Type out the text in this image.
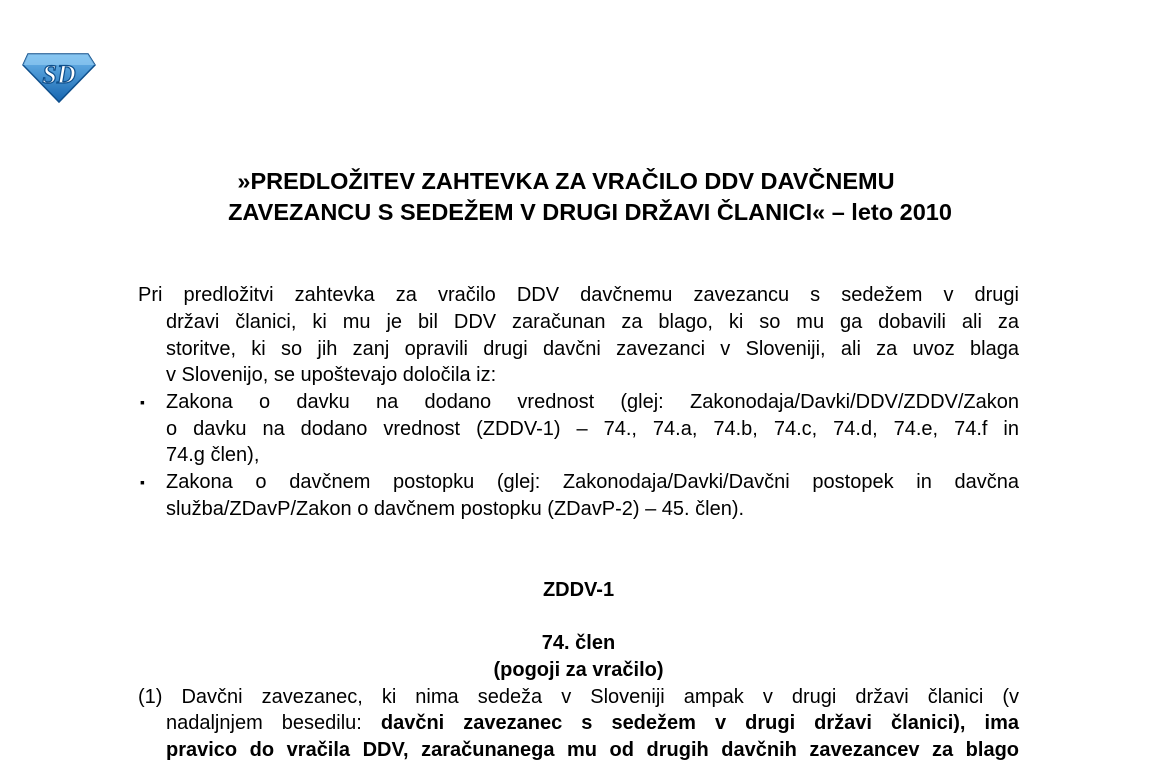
SD
»PREDLOŽITEV ZAHTEVKA ZA VRAČILO DDV DAVČNEMU
ZAVEZANCU S SEDEŽEM V DRUGI DRŽAVI ČLANICI« – leto 2010
Pri predložitvi zahtevka za vračilo DDV davčnemu zavezancu s sedežem v drugi
državi članici, ki mu je bil DDV zaračunan za blago, ki so mu ga dobavili ali za
storitve, ki so jih zanj opravili drugi davčni zavezanci v Sloveniji, ali za uvoz blaga
v Slovenijo, se upoštevajo določila iz:
▪ Zakona o davku na dodano vrednost (glej: Zakonodaja/Davki/DDV/ZDDV/Zakon
o davku na dodano vrednost (ZDDV-1) – 74., 74.a, 74.b, 74.c, 74.d, 74.e, 74.f in
74.g člen),
▪ Zakona o davčnem postopku (glej: Zakonodaja/Davki/Davčni postopek in davčna
služba/ZDavP/Zakon o davčnem postopku (ZDavP-2) – 45. člen).
ZDDV-1
74. člen
(pogoji za vračilo)
(1) Davčni zavezanec, ki nima sedeža v Sloveniji ampak v drugi državi članici (v
nadaljnjem besedilu: davčni zavezanec s sedežem v drugi državi članici), ima
pravico do vračila DDV, zaračunanega mu od drugih davčnih zavezancev za blago
